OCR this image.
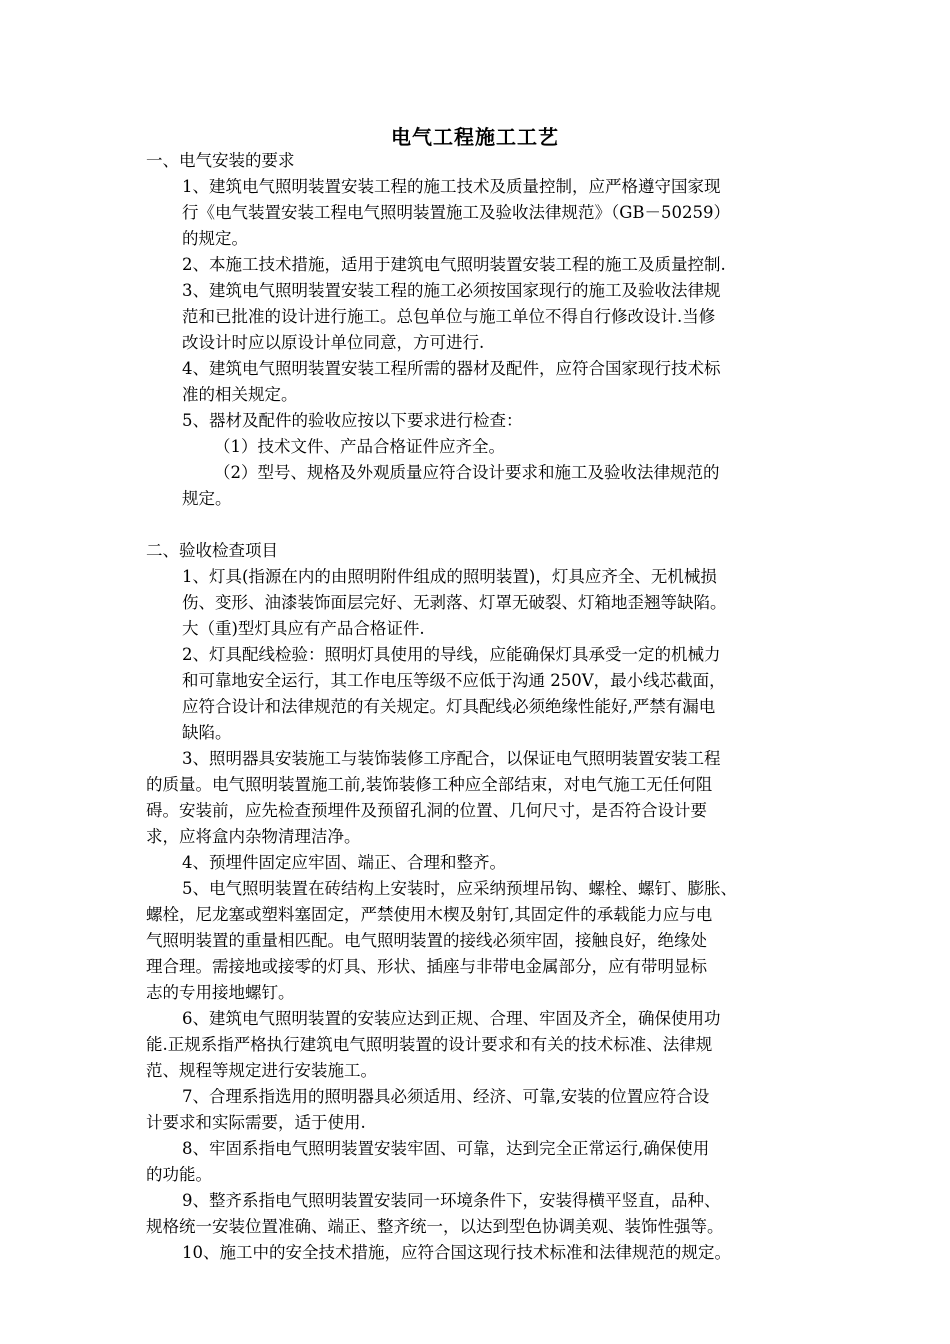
电气工程施工工艺
一、电气安装的要求
1、建筑电气照明装置安装工程的施工技术及质量控制，应严格遵守国家现
行《电气装置安装工程电气照明装置施工及验收法律规范》（GB－50259）
的规定。
2、本施工技术措施，适用于建筑电气照明装置安装工程的施工及质量控制.
3、建筑电气照明装置安装工程的施工必须按国家现行的施工及验收法律规
范和已批准的设计进行施工。总包单位与施工单位不得自行修改设计.当修
改设计时应以原设计单位同意，方可进行.
4、建筑电气照明装置安装工程所需的器材及配件，应符合国家现行技术标
准的相关规定。
5、器材及配件的验收应按以下要求进行检查：
（1）技术文件、产品合格证件应齐全。
（2）型号、规格及外观质量应符合设计要求和施工及验收法律规范的
规定。
二、验收检查项目
1、灯具(指源在内的由照明附件组成的照明装置)，灯具应齐全、无机械损
伤、变形、油漆装饰面层完好、无剥落、灯罩无破裂、灯箱地歪翘等缺陷。
大（重)型灯具应有产品合格证件.
2、灯具配线检验：照明灯具使用的导线，应能确保灯具承受一定的机械力
和可靠地安全运行，其工作电压等级不应低于沟通 250V，最小线芯截面，
应符合设计和法律规范的有关规定。灯具配线必须绝缘性能好,严禁有漏电
缺陷。
3、照明器具安装施工与装饰装修工序配合，以保证电气照明装置安装工程
的质量。电气照明装置施工前,装饰装修工种应全部结束，对电气施工无任何阻
碍。安装前，应先检查预埋件及预留孔洞的位置、几何尺寸，是否符合设计要
求，应将盒内杂物清理洁净。
4、预埋件固定应牢固、端正、合理和整齐。
5、电气照明装置在砖结构上安装时，应采纳预埋吊钩、螺栓、螺钉、膨胀、
螺栓，尼龙塞或塑料塞固定，严禁使用木楔及射钉,其固定件的承载能力应与电
气照明装置的重量相匹配。电气照明装置的接线必须牢固，接触良好，绝缘处
理合理。需接地或接零的灯具、形状、插座与非带电金属部分，应有带明显标
志的专用接地螺钉。
6、建筑电气照明装置的安装应达到正规、合理、牢固及齐全，确保使用功
能.正规系指严格执行建筑电气照明装置的设计要求和有关的技术标准、法律规
范、规程等规定进行安装施工。
7、合理系指选用的照明器具必须适用、经济、可靠,安装的位置应符合设
计要求和实际需要，适于使用.
8、牢固系指电气照明装置安装牢固、可靠，达到完全正常运行,确保使用
的功能。
9、整齐系指电气照明装置安装同一环境条件下，安装得横平竖直，品种、
规格统一安装位置准确、端正、整齐统一，以达到型色协调美观、装饰性强等。
10、施工中的安全技术措施，应符合国这现行技术标准和法律规范的规定。
